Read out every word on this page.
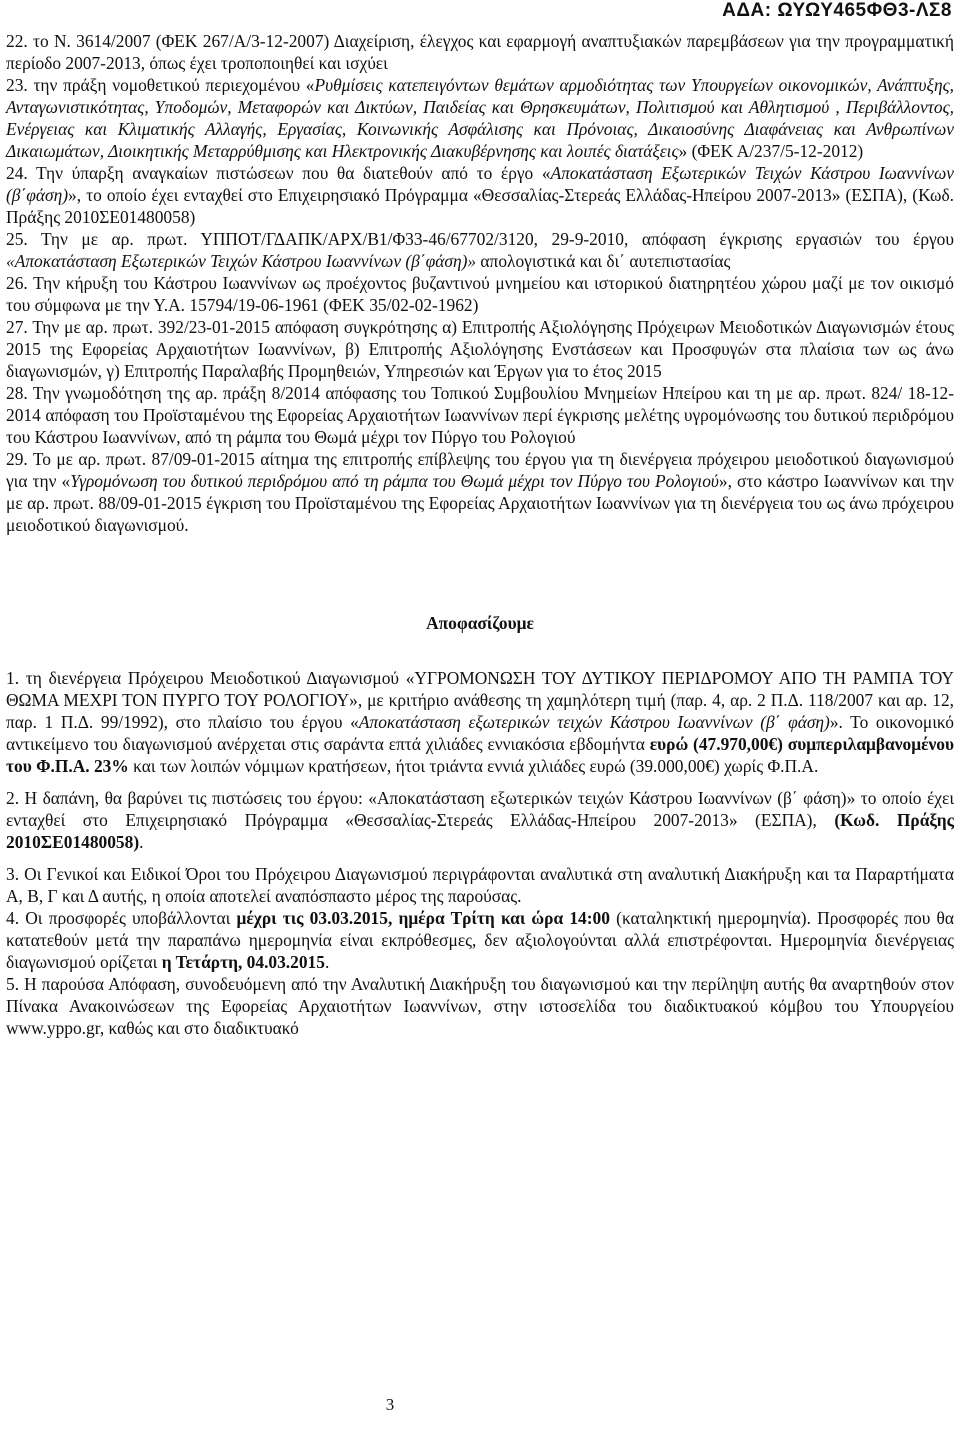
ΑΔΑ: ΩΥΩΥ465ΦΘ3-ΛΣ8

22. το Ν. 3614/2007 (ΦΕΚ 267/Α/3-12-2007) Διαχείριση, έλεγχος και εφαρμογή αναπτυξιακών παρεμβάσεων για την προγραμματική περίοδο 2007-2013, όπως έχει τροποποιηθεί και ισχύει

23. την πράξη νομοθετικού περιεχομένου «Ρυθμίσεις κατεπειγόντων θεμάτων αρμοδιότητας των Υπουργείων οικονομικών, Ανάπτυξης, Ανταγωνιστικότητας, Υποδομών, Μεταφορών και Δικτύων, Παιδείας και Θρησκευμάτων, Πολιτισμού και Αθλητισμού , Περιβάλλοντος, Ενέργειας και Κλιματικής Αλλαγής, Εργασίας, Κοινωνικής Ασφάλισης και Πρόνοιας, Δικαιοσύνης Διαφάνειας και Ανθρωπίνων Δικαιωμάτων, Διοικητικής Μεταρρύθμισης και Ηλεκτρονικής Διακυβέρνησης και λοιπές διατάξεις» (ΦΕΚ Α/237/5-12-2012)

24. Την ύπαρξη αναγκαίων πιστώσεων που θα διατεθούν από το έργο «Αποκατάσταση Εξωτερικών Τειχών Κάστρου Ιωαννίνων (β΄φάση)», το οποίο έχει ενταχθεί στο Επιχειρησιακό Πρόγραμμα «Θεσσαλίας-Στερεάς Ελλάδας-Ηπείρου 2007-2013» (ΕΣΠΑ), (Κωδ. Πράξης 2010ΣΕ01480058)

25. Την με αρ. πρωτ. ΥΠΠΟΤ/ΓΔΑΠΚ/ΑΡΧ/Β1/Φ33-46/67702/3120, 29-9-2010, απόφαση έγκρισης εργασιών του έργου «Αποκατάσταση Εξωτερικών Τειχών Κάστρου Ιωαννίνων (β΄φάση)» απολογιστικά και δι΄ αυτεπιστασίας

26. Την κήρυξη του Κάστρου Ιωαννίνων ως προέχοντος βυζαντινού μνημείου και ιστορικού διατηρητέου χώρου μαζί με τον οικισμό του σύμφωνα με την Υ.Α. 15794/19-06-1961 (ΦΕΚ 35/02-02-1962)

27. Την με αρ. πρωτ. 392/23-01-2015 απόφαση συγκρότησης α) Επιτροπής Αξιολόγησης Πρόχειρων Μειοδοτικών Διαγωνισμών έτους 2015 της Εφορείας Αρχαιοτήτων Ιωαννίνων, β) Επιτροπής Αξιολόγησης Ενστάσεων και Προσφυγών στα πλαίσια των ως άνω διαγωνισμών, γ) Επιτροπής Παραλαβής Προμηθειών, Υπηρεσιών και Έργων για το έτος 2015

28. Την γνωμοδότηση της αρ. πράξη 8/2014 απόφασης του Τοπικού Συμβουλίου Μνημείων Ηπείρου και τη με αρ. πρωτ. 824/ 18-12-2014 απόφαση του Προϊσταμένου της Εφορείας Αρχαιοτήτων Ιωαννίνων περί έγκρισης μελέτης υγρομόνωσης του δυτικού περιδρόμου του Κάστρου Ιωαννίνων, από τη ράμπα του Θωμά μέχρι τον Πύργο του Ρολογιού

29. Το με αρ. πρωτ. 87/09-01-2015 αίτημα της επιτροπής επίβλεψης του έργου για τη διενέργεια πρόχειρου μειοδοτικού διαγωνισμού για την «Υγρομόνωση του δυτικού περιδρόμου από τη ράμπα του Θωμά μέχρι τον Πύργο του Ρολογιού», στο κάστρο Ιωαννίνων και την με αρ. πρωτ. 88/09-01-2015 έγκριση του Προϊσταμένου της Εφορείας Αρχαιοτήτων Ιωαννίνων για τη διενέργεια του ως άνω πρόχειρου μειοδοτικού διαγωνισμού.

Αποφασίζουμε

1. τη διενέργεια Πρόχειρου Μειοδοτικού Διαγωνισμού «ΥΓΡΟΜΟΝΩΣΗ ΤΟΥ ΔΥΤΙΚΟΥ ΠΕΡΙΔΡΟΜΟΥ ΑΠΟ ΤΗ ΡΑΜΠΑ ΤΟΥ ΘΩΜΑ ΜΕΧΡΙ ΤΟΝ ΠΥΡΓΟ ΤΟΥ ΡΟΛΟΓΙΟΥ», με κριτήριο ανάθεσης τη χαμηλότερη τιμή (παρ. 4, αρ. 2 Π.Δ. 118/2007 και αρ. 12, παρ. 1 Π.Δ. 99/1992), στο πλαίσιο του έργου «Αποκατάσταση εξωτερικών τειχών Κάστρου Ιωαννίνων (β΄ φάση)». Το οικονομικό αντικείμενο του διαγωνισμού ανέρχεται στις σαράντα επτά χιλιάδες εννιακόσια εβδομήντα ευρώ (47.970,00€) συμπεριλαμβανομένου του Φ.Π.Α. 23% και των λοιπών νόμιμων κρατήσεων, ήτοι τριάντα εννιά χιλιάδες ευρώ (39.000,00€) χωρίς Φ.Π.Α.

2. Η δαπάνη, θα βαρύνει τις πιστώσεις του έργου: «Αποκατάσταση εξωτερικών τειχών Κάστρου Ιωαννίνων (β΄ φάση)» το οποίο έχει ενταχθεί στο Επιχειρησιακό Πρόγραμμα «Θεσσαλίας-Στερεάς Ελλάδας-Ηπείρου 2007-2013» (ΕΣΠΑ), (Κωδ. Πράξης 2010ΣΕ01480058).

3. Οι Γενικοί και Ειδικοί Όροι του Πρόχειρου Διαγωνισμού περιγράφονται αναλυτικά στη αναλυτική Διακήρυξη και τα Παραρτήματα Α, Β, Γ και Δ αυτής, η οποία αποτελεί αναπόσπαστο μέρος της παρούσας.

4. Οι προσφορές υποβάλλονται μέχρι τις 03.03.2015, ημέρα Τρίτη και ώρα 14:00 (καταληκτική ημερομηνία). Προσφορές που θα κατατεθούν μετά την παραπάνω ημερομηνία είναι εκπρόθεσμες, δεν αξιολογούνται αλλά επιστρέφονται. Ημερομηνία διενέργειας διαγωνισμού ορίζεται η Τετάρτη, 04.03.2015.

5. Η παρούσα Απόφαση, συνοδευόμενη από την Αναλυτική Διακήρυξη του διαγωνισμού και την περίληψη αυτής θα αναρτηθούν στον Πίνακα Ανακοινώσεων της Εφορείας Αρχαιοτήτων Ιωαννίνων, στην ιστοσελίδα του διαδικτυακού κόμβου του Υπουργείου www.yppo.gr, καθώς και στο διαδικτυακό

3
